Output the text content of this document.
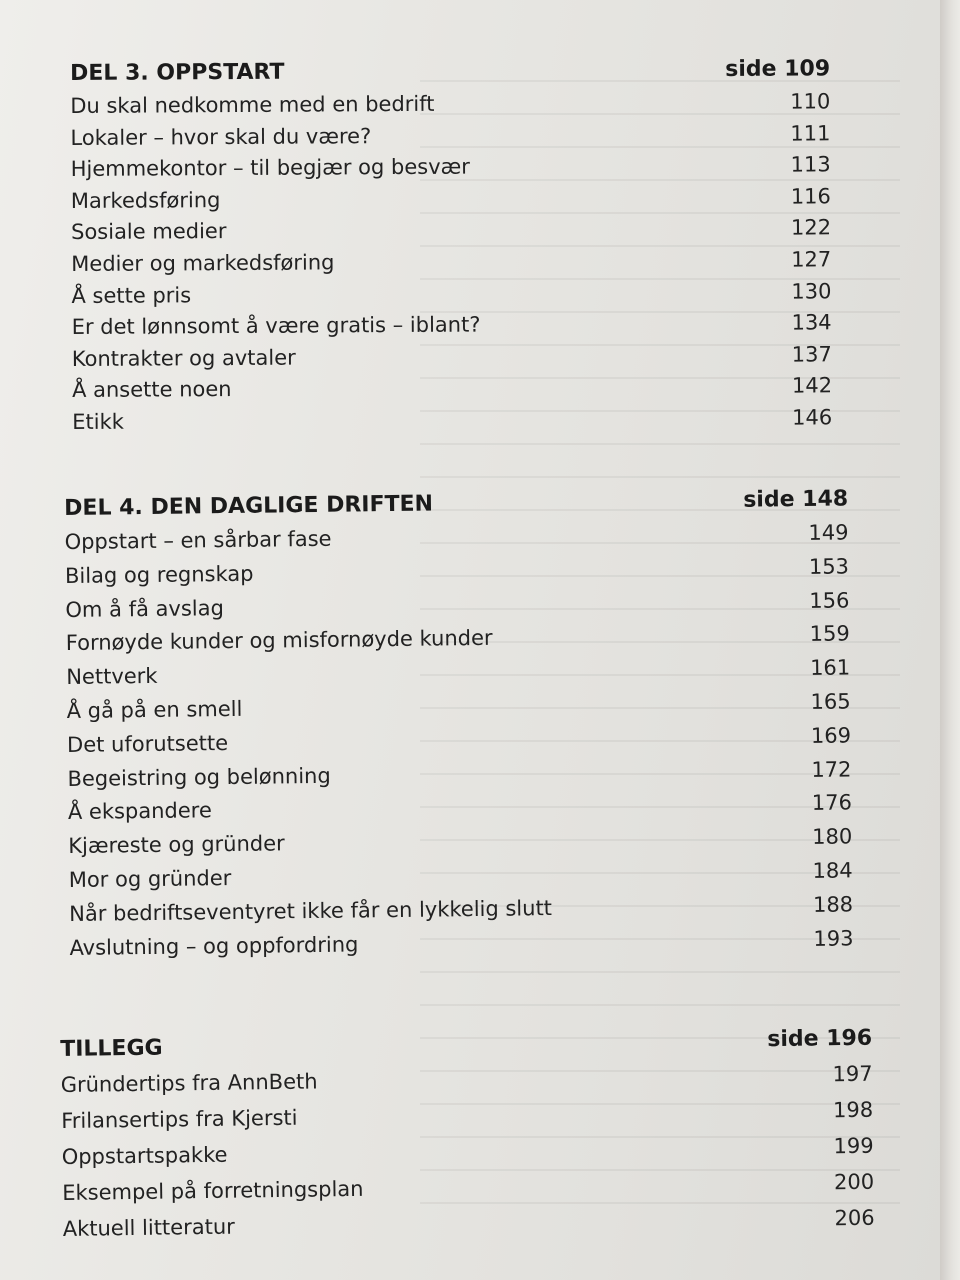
DEL 3. OPPSTART	side 109
Du skal nedkomme med en bedrift	110
Lokaler – hvor skal du være?	111
Hjemmekontor – til begjær og besvær	113
Markedsføring	116
Sosiale medier	122
Medier og markedsføring	127
Å sette pris	130
Er det lønnsomt å være gratis – iblant?	134
Kontrakter og avtaler	137
Å ansette noen	142
Etikk	146
DEL 4. DEN DAGLIGE DRIFTEN	side 148
Oppstart – en sårbar fase	149
Bilag og regnskap	153
Om å få avslag	156
Fornøyde kunder og misfornøyde kunder	159
Nettverk	161
Å gå på en smell	165
Det uforutsette	169
Begeistring og belønning	172
Å ekspandere	176
Kjæreste og gründer	180
Mor og gründer	184
Når bedriftseventyret ikke får en lykkelig slutt	188
Avslutning – og oppfordring	193
TILLEGG	side 196
Gründertips fra AnnBeth	197
Frilansertips fra Kjersti	198
Oppstartspakke	199
Eksempel på forretningsplan	200
Aktuell litteratur	206
